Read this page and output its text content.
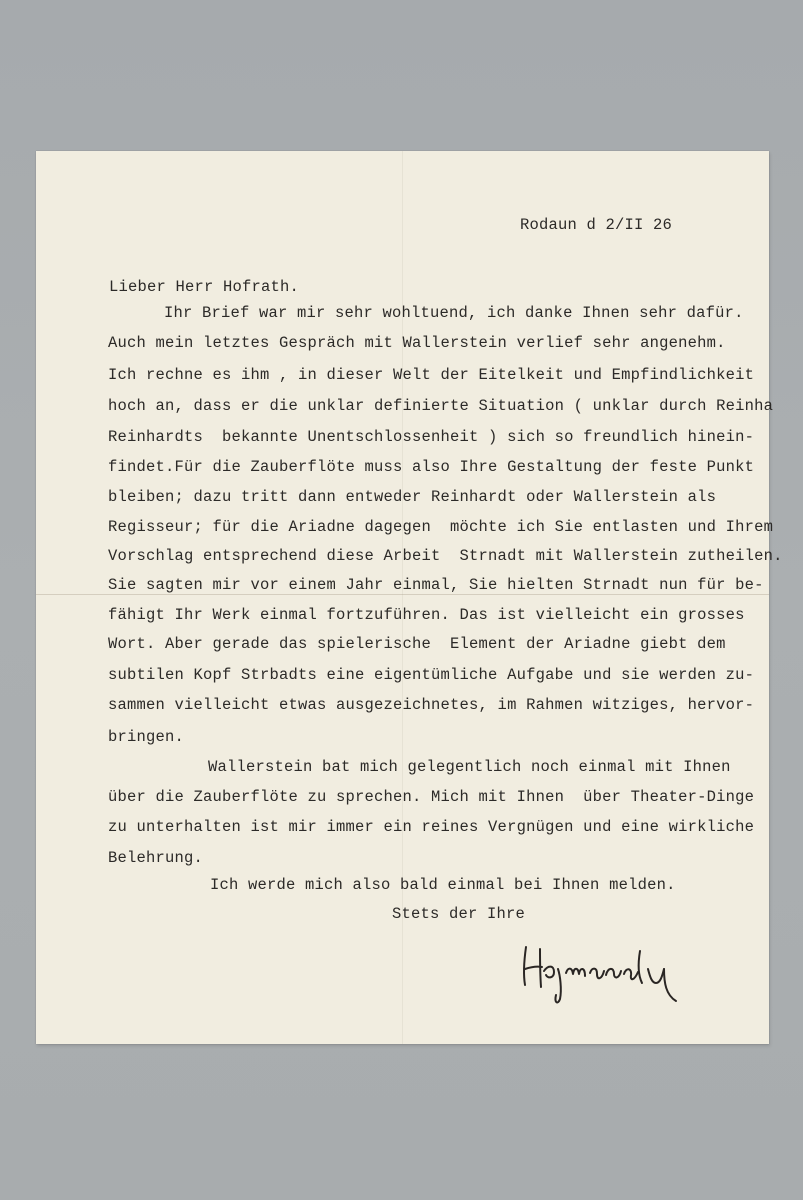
Rodaun d 2/II 26
Lieber Herr Hofrath.
Ihr Brief war mir sehr wohltuend, ich danke Ihnen sehr dafür.
Auch mein letztes Gespräch mit Wallerstein verlief sehr angenehm.
Ich rechne es ihm , in dieser Welt der Eitelkeit und Empfindlichkeit
hoch an, dass er die unklar definierte Situation ( unklar durch Reinha
Reinhardts  bekannte Unentschlossenheit ) sich so freundlich hinein-
findet.Für die Zauberflöte muss also Ihre Gestaltung der feste Punkt
bleiben; dazu tritt dann entweder Reinhardt oder Wallerstein als
Regisseur; für die Ariadne dagegen  möchte ich Sie entlasten und Ihrem
Vorschlag entsprechend diese Arbeit  Strnadt mit Wallerstein zutheilen.
Sie sagten mir vor einem Jahr einmal, Sie hielten Strnadt nun für be-
fähigt Ihr Werk einmal fortzuführen. Das ist vielleicht ein grosses
Wort. Aber gerade das spielerische  Element der Ariadne giebt dem
subtilen Kopf Strbadts eine eigentümliche Aufgabe und sie werden zu-
sammen vielleicht etwas ausgezeichnetes, im Rahmen witziges, hervor-
bringen.
Wallerstein bat mich gelegentlich noch einmal mit Ihnen
über die Zauberflöte zu sprechen. Mich mit Ihnen  über Theater-Dinge
zu unterhalten ist mir immer ein reines Vergnügen und eine wirkliche
Belehrung.
Ich werde mich also bald einmal bei Ihnen melden.
Stets der Ihre
